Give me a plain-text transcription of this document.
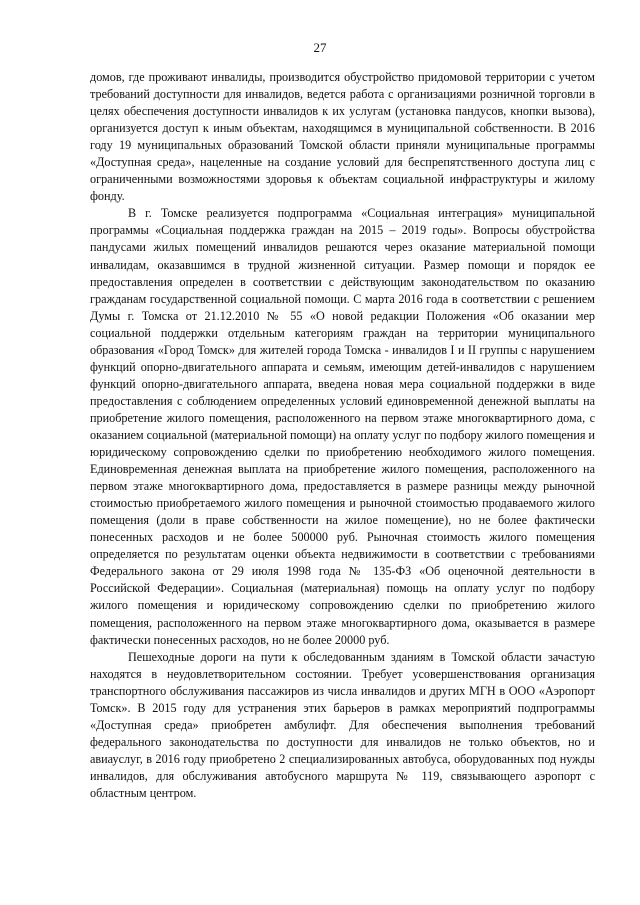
27

домов, где проживают инвалиды, производится обустройство придомовой территории с учетом требований доступности для инвалидов, ведется работа с организациями розничной торговли в целях обеспечения доступности инвалидов к их услугам (установка пандусов, кнопки вызова), организуется доступ к иным объектам, находящимся в муниципальной собственности. В 2016 году 19 муниципальных образований Томской области приняли муниципальные программы «Доступная среда», нацеленные на создание условий для беспрепятственного доступа лиц с ограниченными возможностями здоровья к объектам социальной инфраструктуры и жилому фонду.

В г. Томске реализуется подпрограмма «Социальная интеграция» муниципальной программы «Социальная поддержка граждан на 2015 – 2019 годы». Вопросы обустройства пандусами жилых помещений инвалидов решаются через оказание материальной помощи инвалидам, оказавшимся в трудной жизненной ситуации. Размер помощи и порядок ее предоставления определен в соответствии с действующим законодательством по оказанию гражданам государственной социальной помощи. С марта 2016 года в соответствии с решением Думы г. Томска от 21.12.2010 № 55 «О новой редакции Положения «Об оказании мер социальной поддержки отдельным категориям граждан на территории муниципального образования «Город Томск» для жителей города Томска - инвалидов I и II группы с нарушением функций опорно-двигательного аппарата и семьям, имеющим детей-инвалидов с нарушением функций опорно-двигательного аппарата, введена новая мера социальной поддержки в виде предоставления с соблюдением определенных условий единовременной денежной выплаты на приобретение жилого помещения, расположенного на первом этаже многоквартирного дома, с оказанием социальной (материальной помощи) на оплату услуг по подбору жилого помещения и юридическому сопровождению сделки по приобретению необходимого жилого помещения. Единовременная денежная выплата на приобретение жилого помещения, расположенного на первом этаже многоквартирного дома, предоставляется в размере разницы между рыночной стоимостью приобретаемого жилого помещения и рыночной стоимостью продаваемого жилого помещения (доли в праве собственности на жилое помещение), но не более фактически понесенных расходов и не более 500000 руб. Рыночная стоимость жилого помещения определяется по результатам оценки объекта недвижимости в соответствии с требованиями Федерального закона от 29 июля 1998 года № 135-ФЗ «Об оценочной деятельности в Российской Федерации». Социальная (материальная) помощь на оплату услуг по подбору жилого помещения и юридическому сопровождению сделки по приобретению жилого помещения, расположенного на первом этаже многоквартирного дома, оказывается в размере фактически понесенных расходов, но не более 20000 руб.

Пешеходные дороги на пути к обследованным зданиям в Томской области зачастую находятся в неудовлетворительном состоянии. Требует усовершенствования организация транспортного обслуживания пассажиров из числа инвалидов и других МГН в ООО «Аэропорт Томск». В 2015 году для устранения этих барьеров в рамках мероприятий подпрограммы «Доступная среда» приобретен амбулифт. Для обеспечения выполнения требований федерального законодательства по доступности для инвалидов не только объектов, но и авиауслуг, в 2016 году приобретено 2 специализированных автобуса, оборудованных под нужды инвалидов, для обслуживания автобусного маршрута № 119, связывающего аэропорт с областным центром.
